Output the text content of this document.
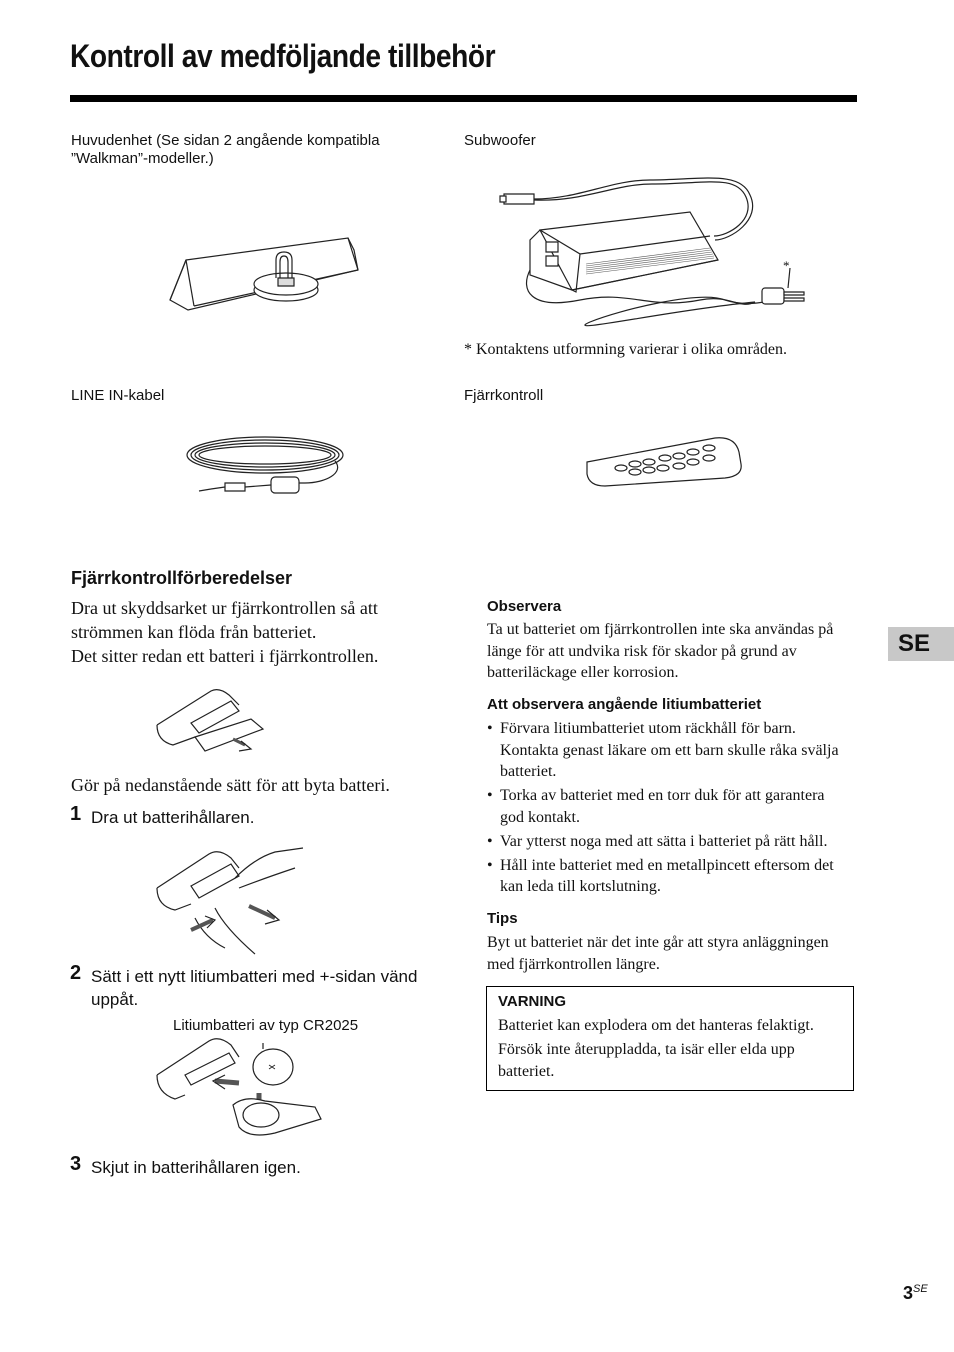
Kontroll av medföljande tillbehör
Huvudenhet (Se sidan 2 angående kompatibla
”Walkman”-modeller.)
Subwoofer
LINE IN-kabel	Fjärrkontroll
* Kontaktens utformning varierar i olika områden.
*
Fjärrkontrollförberedelser
Dra ut skyddsarket ur fjärrkontrollen så att
strömmen kan flöda från batteriet.
Det sitter redan ett batteri i fjärrkontrollen.
Gör på nedanstående sätt för att byta batteri.
1 Dra ut batterihållaren.
2 Sätt i ett nytt litiumbatteri med +-sidan vänd
uppåt.
Litiumbatteri av typ CR2025
3 Skjut in batterihållaren igen.
Observera
Ta ut batteriet om fjärrkontrollen inte ska användas på
länge för att undvika risk för skador på grund av
batteriläckage eller korrosion.
Att observera angående litiumbatteriet
• Förvara litiumbatteriet utom räckhåll för barn.
Kontakta genast läkare om ett barn skulle råka svälja
batteriet.
• Torka av batteriet med en torr duk för att garantera
god kontakt.
• Var ytterst noga med att sätta i batteriet på rätt håll.
• Håll inte batteriet med en metallpincett eftersom det
kan leda till kortslutning.
Tips
Byt ut batteriet när det inte går att styra anläggningen
med fjärrkontrollen längre.
VARNING
Batteriet kan explodera om det hanteras felaktigt.
Försök inte återuppladda, ta isär eller elda upp
batteriet.
SE
$3^{SE}$
